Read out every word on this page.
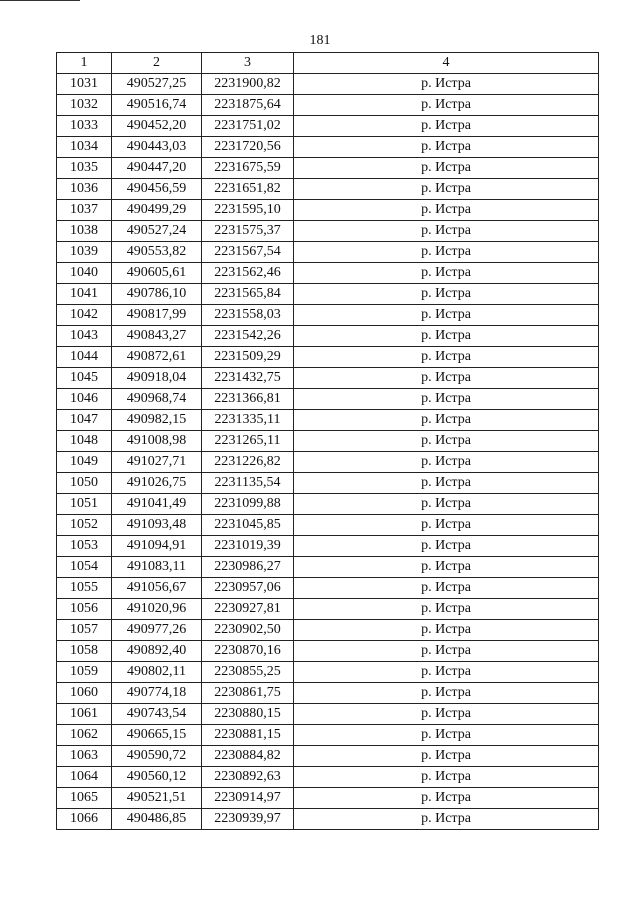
181
1	2	3	4
1031	490527,25	2231900,82	р. Истра
1032	490516,74	2231875,64	р. Истра
1033	490452,20	2231751,02	р. Истра
1034	490443,03	2231720,56	р. Истра
1035	490447,20	2231675,59	р. Истра
1036	490456,59	2231651,82	р. Истра
1037	490499,29	2231595,10	р. Истра
1038	490527,24	2231575,37	р. Истра
1039	490553,82	2231567,54	р. Истра
1040	490605,61	2231562,46	р. Истра
1041	490786,10	2231565,84	р. Истра
1042	490817,99	2231558,03	р. Истра
1043	490843,27	2231542,26	р. Истра
1044	490872,61	2231509,29	р. Истра
1045	490918,04	2231432,75	р. Истра
1046	490968,74	2231366,81	р. Истра
1047	490982,15	2231335,11	р. Истра
1048	491008,98	2231265,11	р. Истра
1049	491027,71	2231226,82	р. Истра
1050	491026,75	2231135,54	р. Истра
1051	491041,49	2231099,88	р. Истра
1052	491093,48	2231045,85	р. Истра
1053	491094,91	2231019,39	р. Истра
1054	491083,11	2230986,27	р. Истра
1055	491056,67	2230957,06	р. Истра
1056	491020,96	2230927,81	р. Истра
1057	490977,26	2230902,50	р. Истра
1058	490892,40	2230870,16	р. Истра
1059	490802,11	2230855,25	р. Истра
1060	490774,18	2230861,75	р. Истра
1061	490743,54	2230880,15	р. Истра
1062	490665,15	2230881,15	р. Истра
1063	490590,72	2230884,82	р. Истра
1064	490560,12	2230892,63	р. Истра
1065	490521,51	2230914,97	р. Истра
1066	490486,85	2230939,97	р. Истра
